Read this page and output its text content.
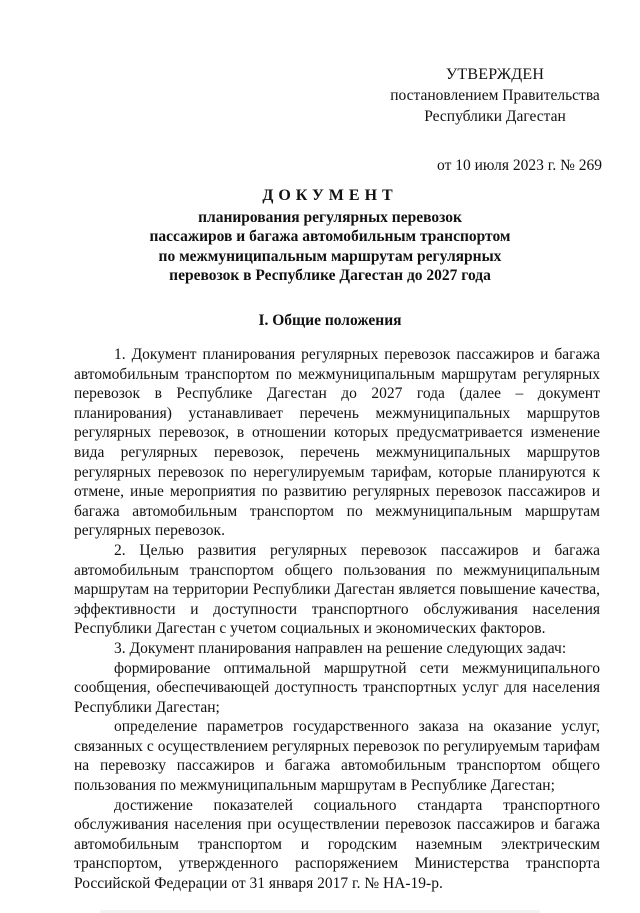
УТВЕРЖДЕН
постановлением Правительства
Республики Дагестан
от 10 июля 2023 г. № 269
ДОКУМЕНТ
планирования регулярных перевозок
пассажиров и багажа автомобильным транспортом
по межмуниципальным маршрутам регулярных
перевозок в Республике Дагестан до 2027 года
I. Общие положения

1. Документ планирования регулярных перевозок пассажиров и багажа автомобильным транспортом по межмуниципальным маршрутам регулярных перевозок в Республике Дагестан до 2027 года (далее – документ планирования) устанавливает перечень межмуниципальных маршрутов регулярных перевозок, в отношении которых предусматривается изменение вида регулярных перевозок, перечень межмуниципальных маршрутов регулярных перевозок по нерегулируемым тарифам, которые планируются к отмене, иные мероприятия по развитию регулярных перевозок пассажиров и багажа автомобильным транспортом по межмуниципальным маршрутам регулярных перевозок.

2. Целью развития регулярных перевозок пассажиров и багажа автомобильным транспортом общего пользования по межмуниципальным маршрутам на территории Республики Дагестан является повышение качества, эффективности и доступности транспортного обслуживания населения Республики Дагестан с учетом социальных и экономических факторов.

3. Документ планирования направлен на решение следующих задач:

формирование оптимальной маршрутной сети межмуниципального сообщения, обеспечивающей доступность транспортных услуг для населения Республики Дагестан;

определение параметров государственного заказа на оказание услуг, связанных с осуществлением регулярных перевозок по регулируемым тарифам на перевозку пассажиров и багажа автомобильным транспортом общего пользования по межмуниципальным маршрутам в Республике Дагестан;

достижение показателей социального стандарта транспортного обслуживания населения при осуществлении перевозок пассажиров и багажа автомобильным транспортом и городским наземным электрическим транспортом, утвержденного распоряжением Министерства транспорта Российской Федерации от 31 января 2017 г. № НА-19-р.
